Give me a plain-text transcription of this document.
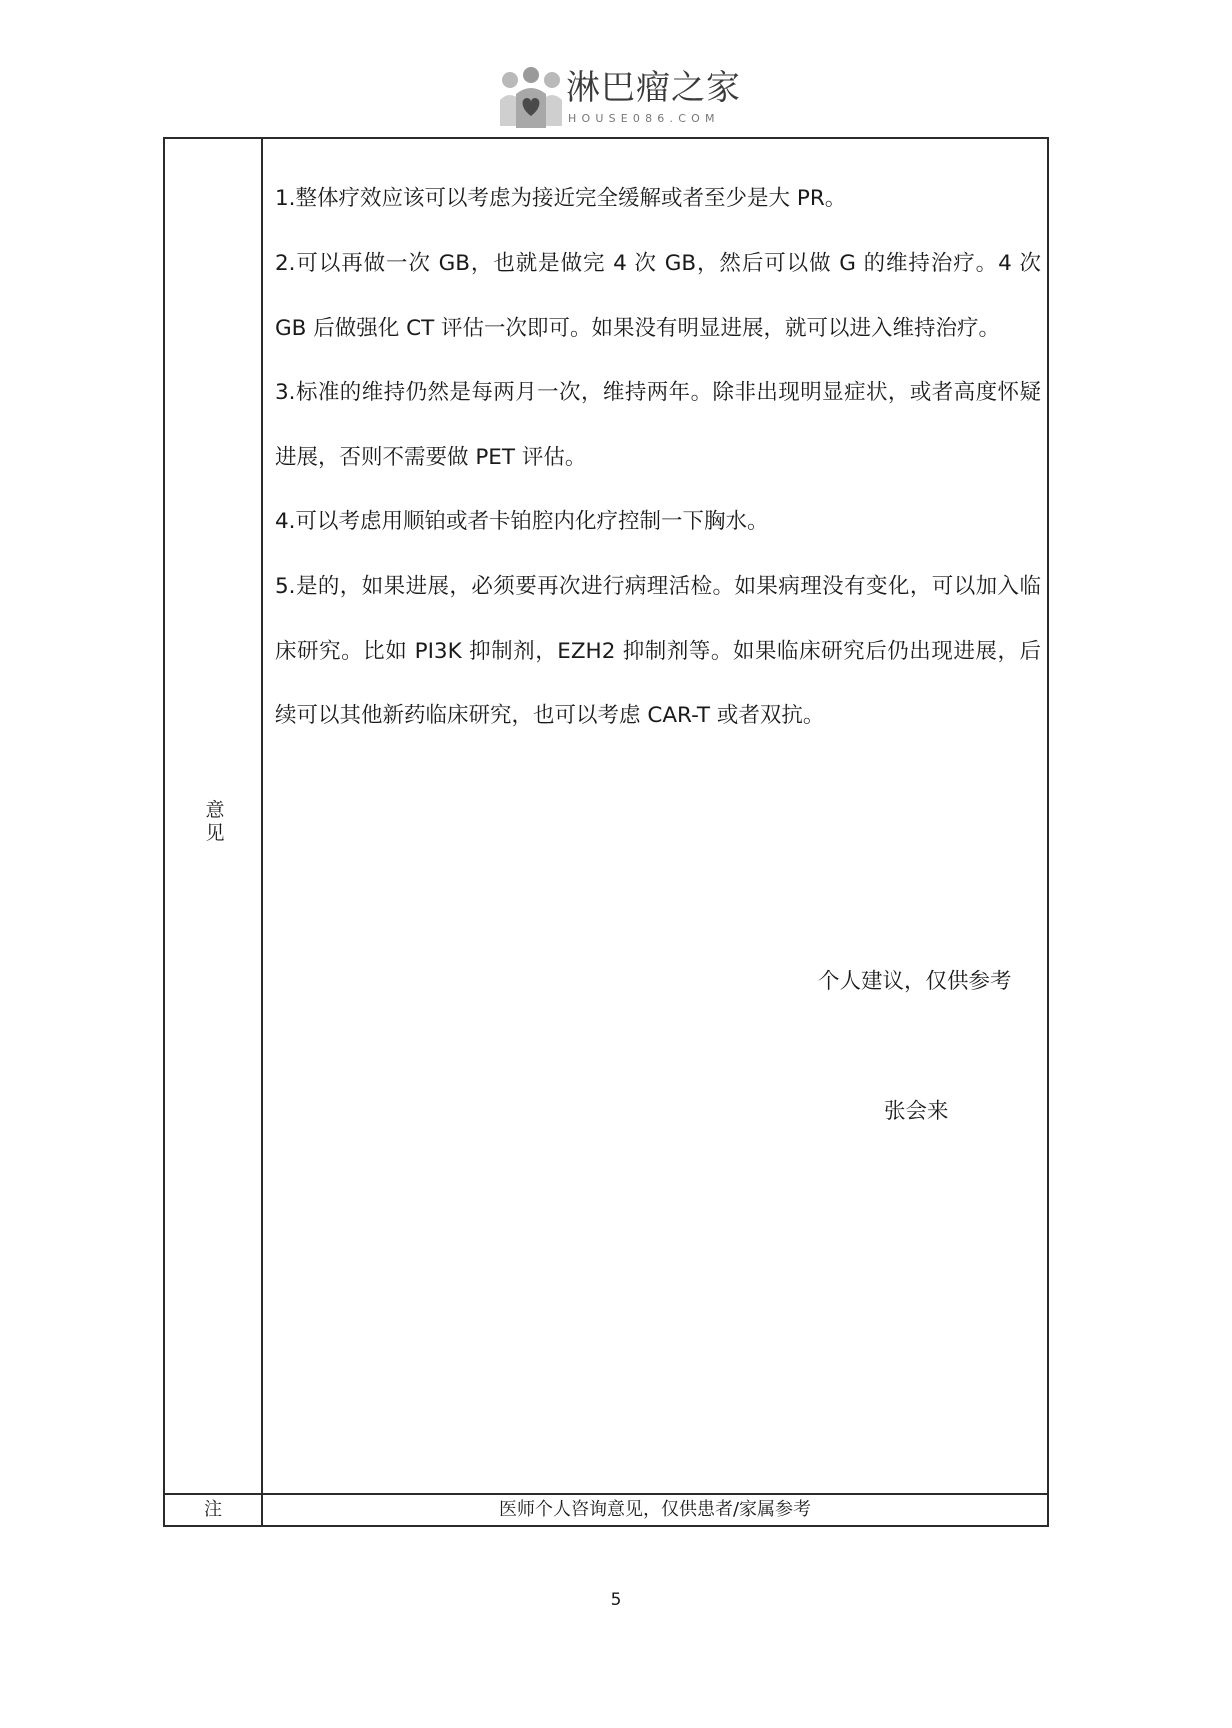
淋巴瘤之家
HOUSE086.COM
意见

1.整体疗效应该可以考虑为接近完全缓解或者至少是大 PR。

2.可以再做一次 GB，也就是做完 4 次 GB，然后可以做 G 的维持治疗。4 次 GB 后做强化 CT 评估一次即可。如果没有明显进展，就可以进入维持治疗。

3.标准的维持仍然是每两月一次，维持两年。除非出现明显症状，或者高度怀疑进展，否则不需要做 PET 评估。

4.可以考虑用顺铂或者卡铂腔内化疗控制一下胸水。

5.是的，如果进展，必须要再次进行病理活检。如果病理没有变化，可以加入临床研究。比如 PI3K 抑制剂，EZH2 抑制剂等。如果临床研究后仍出现进展，后续可以其他新药临床研究，也可以考虑 CAR-T 或者双抗。

个人建议，仅供参考
张会来
注	医师个人咨询意见，仅供患者/家属参考
5
